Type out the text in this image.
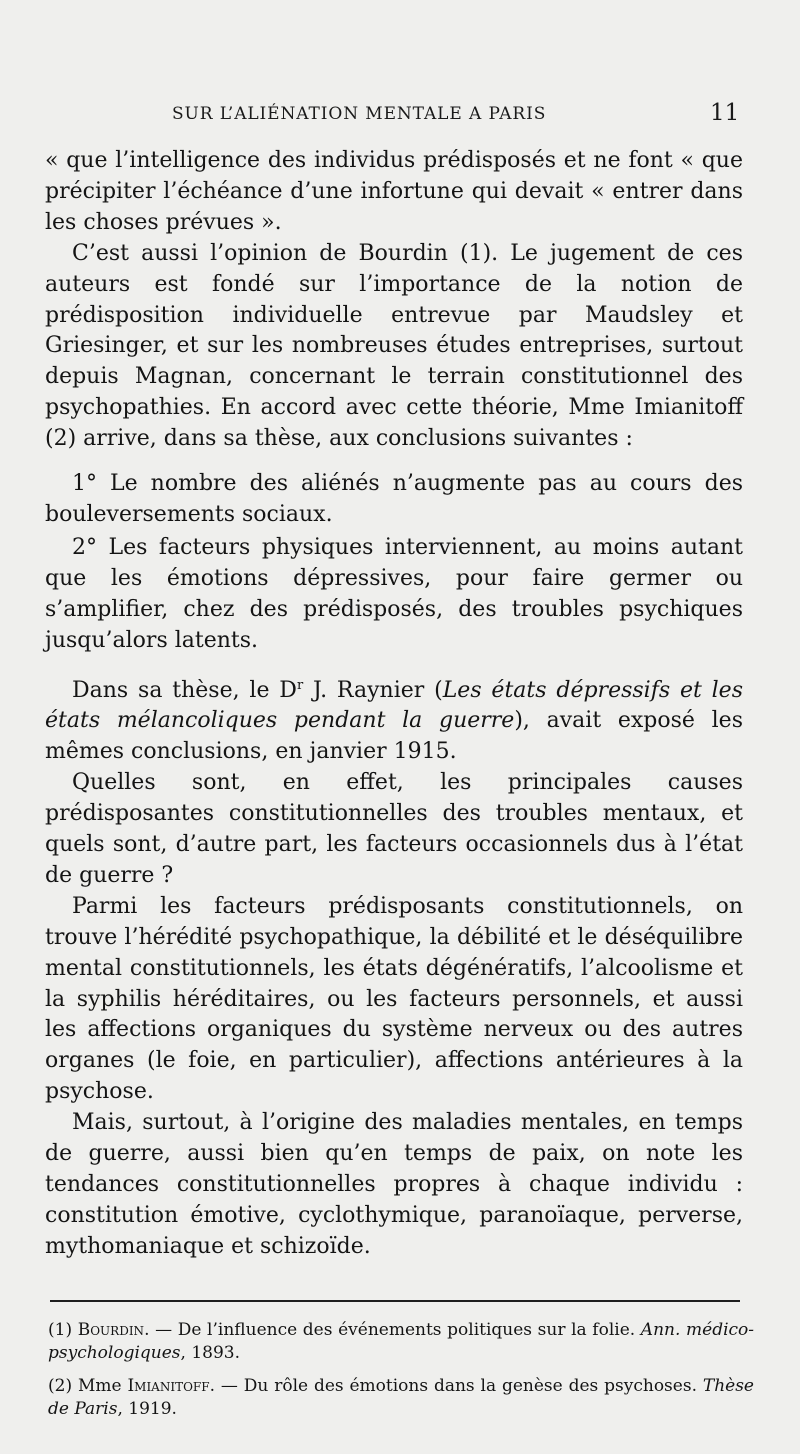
SUR L’ALIÉNATION MENTALE A PARIS	11

« que l’intelligence des individus prédisposés et ne font « que précipiter l’échéance d’une infortune qui devait « entrer dans les choses prévues ».

C’est aussi l’opinion de Bourdin (1). Le jugement de ces auteurs est fondé sur l’importance de la notion de prédisposition individuelle entrevue par Maudsley et Griesinger, et sur les nombreuses études entreprises, surtout depuis Magnan, concernant le terrain constitutionnel des psychopathies. En accord avec cette théorie, Mme Imianitoff (2) arrive, dans sa thèse, aux conclusions suivantes :

1° Le nombre des aliénés n’augmente pas au cours des bouleversements sociaux.

2° Les facteurs physiques interviennent, au moins autant que les émotions dépressives, pour faire germer ou s’amplifier, chez des prédisposés, des troubles psychiques jusqu’alors latents.

Dans sa thèse, le $D^r$ J. Raynier (Les états dépressifs et les états mélancoliques pendant la guerre), avait exposé les mêmes conclusions, en janvier 1915.

Quelles sont, en effet, les principales causes prédisposantes constitutionnelles des troubles mentaux, et quels sont, d’autre part, les facteurs occasionnels dus à l’état de guerre ?

Parmi les facteurs prédisposants constitutionnels, on trouve l’hérédité psychopathique, la débilité et le déséquilibre mental constitutionnels, les états dégénératifs, l’alcoolisme et la syphilis héréditaires, ou les facteurs personnels, et aussi les affections organiques du système nerveux ou des autres organes (le foie, en particulier), affections antérieures à la psychose.

Mais, surtout, à l’origine des maladies mentales, en temps de guerre, aussi bien qu’en temps de paix, on note les tendances constitutionnelles propres à chaque individu : constitution émotive, cyclothymique, paranoïaque, perverse, mythomaniaque et schizoïde.

(1) Bourdin. — De l’influence des événements politiques sur la folie. Ann. médico-psychologiques, 1893.

(2) Mme Imianitoff. — Du rôle des émotions dans la genèse des psychoses. Thèse de Paris, 1919.
